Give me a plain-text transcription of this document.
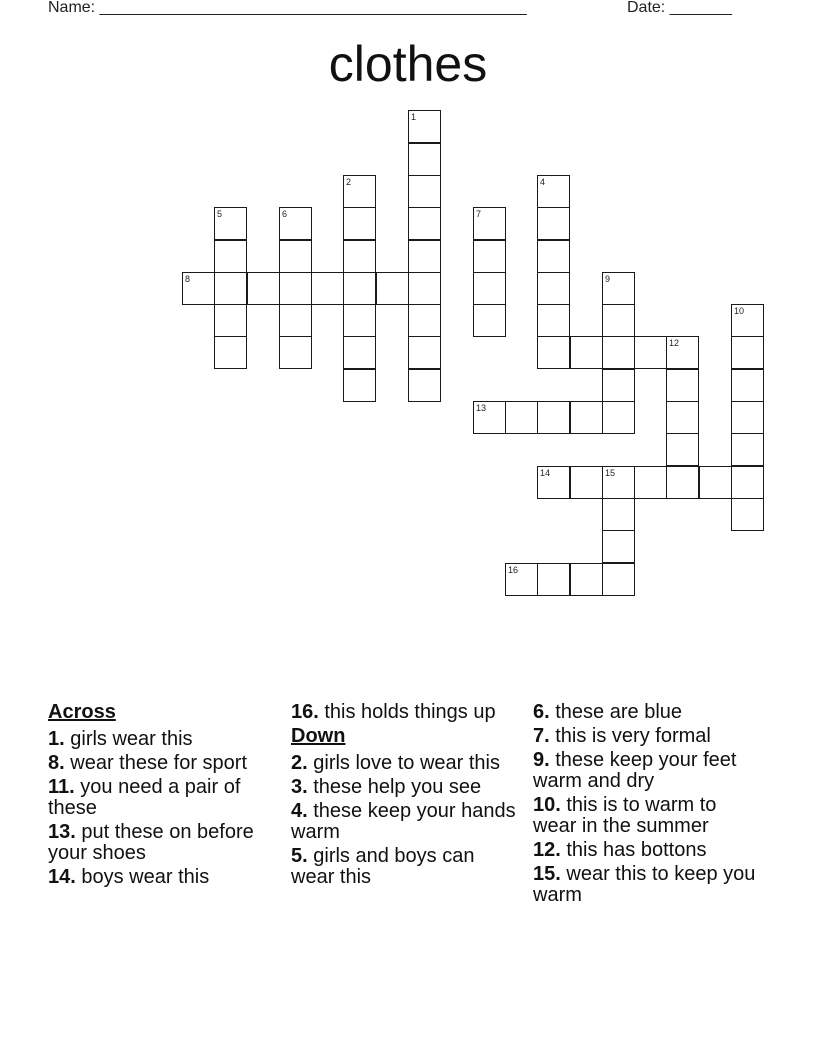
Name: ________________________________________________	Date: _______
clothes
1
2	4
5	6	7
8	9
10
12
13
14	15
16
Across
1. girls wear this
8. wear these for sport
11. you need a pair of these
13. put these on before your shoes
14. boys wear this
16. this holds things up
Down
2. girls love to wear this
3. these help you see
4. these keep your hands warm
5. girls and boys can wear this
6. these are blue
7. this is very formal
9. these keep your feet warm and dry
10. this is to warm to wear in the summer
12. this has bottons
15. wear this to keep you warm
